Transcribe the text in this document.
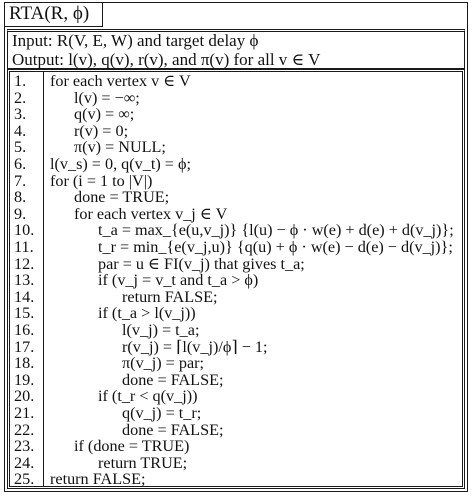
RTA(R, ϕ)
Input: R(V, E, W) and target delay ϕ
Output: l(v), q(v), r(v), and π(v) for all v ∈ V
1.	for each vertex v ∈ V
2.	l(v) = −∞;
3.	q(v) = ∞;
4.	r(v) = 0;
5.	π(v) = NULL;
6.	l(v_s) = 0, q(v_t) = ϕ;
7.	for (i = 1 to |V|)
8.	done = TRUE;
9.	for each vertex v_j ∈ V
10.	t_a = max_{e(u,v_j)} {l(u) − ϕ · w(e) + d(e) + d(v_j)};
11.	t_r = min_{e(v_j,u)} {q(u) + ϕ · w(e) − d(e) − d(v_j)};
12.	par = u ∈ FI(v_j) that gives t_a;
13.	if (v_j = v_t and t_a > ϕ)
14.	return FALSE;
15.	if (t_a > l(v_j))
16.	l(v_j) = t_a;
17.	r(v_j) = ⌈l(v_j)/ϕ⌉ − 1;
18.	π(v_j) = par;
19.	done = FALSE;
20.	if (t_r < q(v_j))
21.	q(v_j) = t_r;
22.	done = FALSE;
23.	if (done = TRUE)
24.	return TRUE;
25. return FALSE;
